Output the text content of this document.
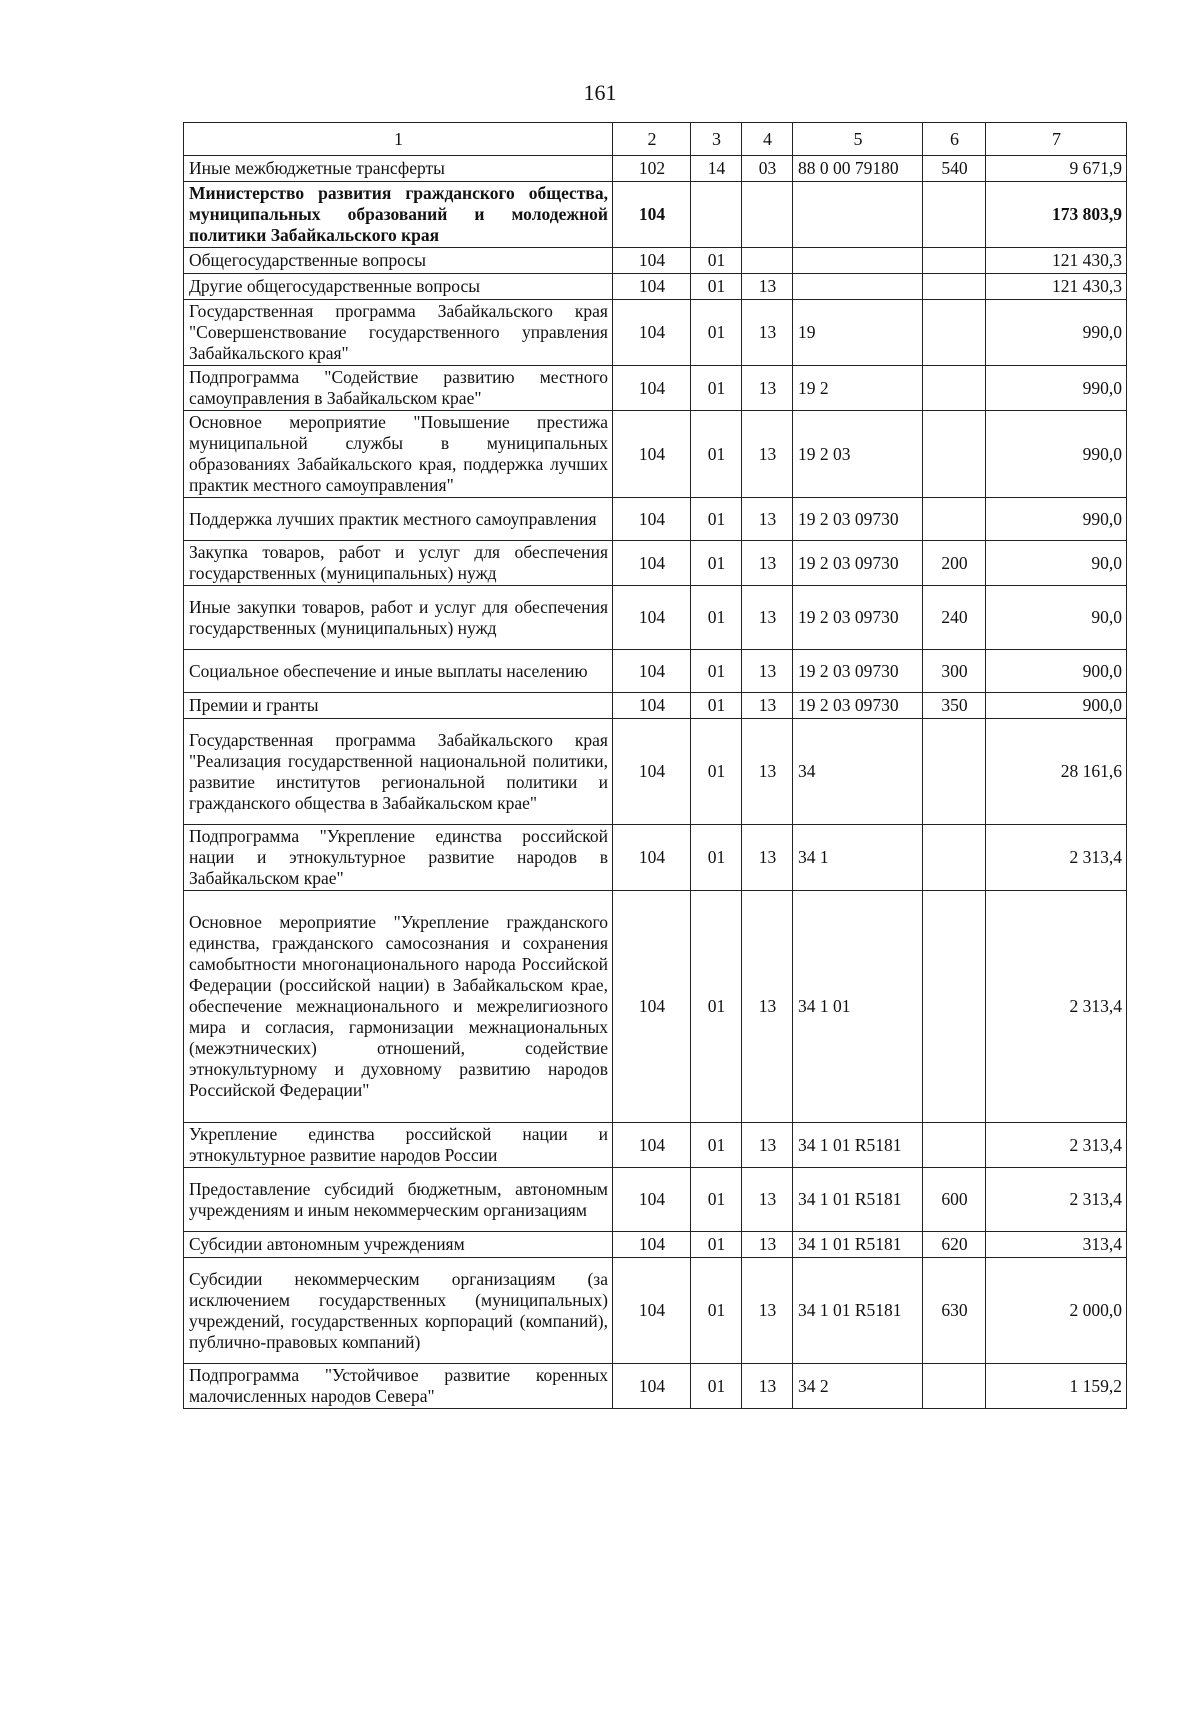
161
1	2	3	4	5	6	7
Иные межбюджетные трансферты	102	14	03	88 0 00 79180	540	9 671,9
Министерство развития гражданского общества, муниципальных образований и молодежной политики Забайкальского края	104					173 803,9
Общегосударственные вопросы	104	01				121 430,3
Другие общегосударственные вопросы	104	01	13			121 430,3
Государственная программа Забайкальского края "Совершенствование государственного управления Забайкальского края"	104	01	13	19		990,0
Подпрограмма "Содействие развитию местного самоуправления в Забайкальском крае"	104	01	13	19 2		990,0
Основное мероприятие "Повышение престижа муниципальной службы в муниципальных образованиях Забайкальского края, поддержка лучших практик местного самоуправления"	104	01	13	19 2 03		990,0
Поддержка лучших практик местного самоуправления	104	01	13	19 2 03 09730		990,0
Закупка товаров, работ и услуг для обеспечения государственных (муниципальных) нужд	104	01	13	19 2 03 09730	200	90,0
Иные закупки товаров, работ и услуг для обеспечения государственных (муниципальных) нужд	104	01	13	19 2 03 09730	240	90,0
Социальное обеспечение и иные выплаты населению	104	01	13	19 2 03 09730	300	900,0
Премии и гранты	104	01	13	19 2 03 09730	350	900,0
Государственная программа Забайкальского края "Реализация государственной национальной политики, развитие институтов региональной политики и гражданского общества в Забайкальском крае"	104	01	13	34		28 161,6
Подпрограмма "Укрепление единства российской нации и этнокультурное развитие народов в Забайкальском крае"	104	01	13	34 1		2 313,4
Основное мероприятие "Укрепление гражданского единства, гражданского самосознания и сохранения самобытности многонационального народа Российской Федерации (российской нации) в Забайкальском крае, обеспечение межнационального и межрелигиозного мира и согласия, гармонизации межнациональных (межэтнических) отношений, содействие этнокультурному и духовному развитию народов Российской Федерации"	104	01	13	34 1 01		2 313,4
Укрепление единства российской нации и этнокультурное развитие народов России	104	01	13	34 1 01 R5181		2 313,4
Предоставление субсидий бюджетным, автономным учреждениям и иным некоммерческим организациям	104	01	13	34 1 01 R5181	600	2 313,4
Субсидии автономным учреждениям	104	01	13	34 1 01 R5181	620	313,4
Субсидии некоммерческим организациям (за исключением государственных (муниципальных) учреждений, государственных корпораций (компаний), публично-правовых компаний)	104	01	13	34 1 01 R5181	630	2 000,0
Подпрограмма "Устойчивое развитие коренных малочисленных народов Севера"	104	01	13	34 2		1 159,2
